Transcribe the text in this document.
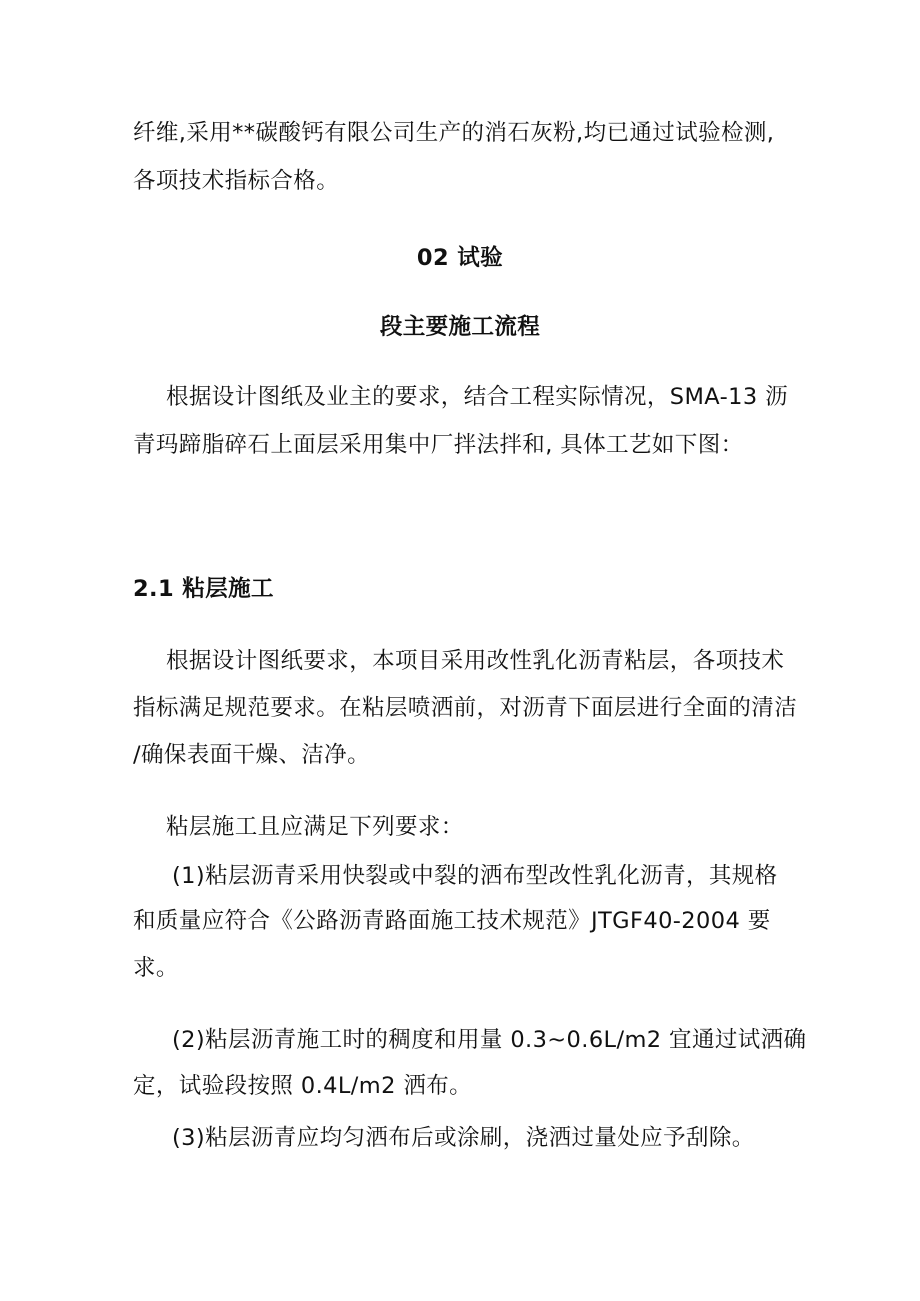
纤维,采用**碳酸钙有限公司生产的消石灰粉,均已通过试验检测,
各项技术指标合格。
02 试验
段主要施工流程
根据设计图纸及业主的要求，结合工程实际情况，SMA-13 沥
青玛蹄脂碎石上面层采用集中厂拌法拌和, 具体工艺如下图：
2.1 粘层施工
根据设计图纸要求，本项目采用改性乳化沥青粘层，各项技术
指标满足规范要求。在粘层喷洒前，对沥青下面层进行全面的清洁
/确保表面干燥、洁净。
粘层施工且应满足下列要求：
(1)粘层沥青采用快裂或中裂的洒布型改性乳化沥青，其规格
和质量应符合《公路沥青路面施工技术规范》JTGF40-2004 要
求。
(2)粘层沥青施工时的稠度和用量 0.3~0.6L/m2 宜通过试洒确
定，试验段按照 0.4L/m2 洒布。
(3)粘层沥青应均匀洒布后或涂刷，浇洒过量处应予刮除。
